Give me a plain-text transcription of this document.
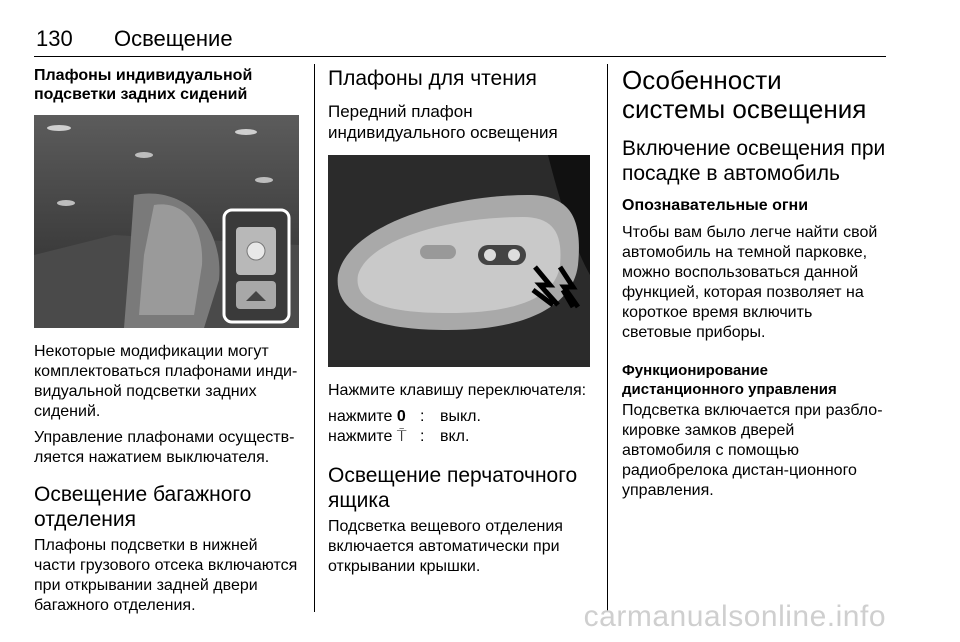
130 Освещение

Плафоны индивидуальной подсветки задних сидений

Некоторые модификации могут комплектоваться плафонами инди-видуальной подсветки задних сидений.

Управление плафонами осуществ-ляется нажатием выключателя.

Освещение багажного отделения

Плафоны подсветки в нижней части грузового отсека включаются при открывании задней двери багажного отделения.

Плафоны для чтения

Передний плафон индивидуального освещения

Нажмите клавишу переключателя:

нажмите 0 : выкл.
нажмите ⍑ : вкл.

Освещение перчаточного ящика

Подсветка вещевого отделения включается автоматически при открывании крышки.

Особенности системы освещения

Включение освещения при посадке в автомобиль

Опознавательные огни

Чтобы вам было легче найти свой автомобиль на темной парковке, можно воспользоваться данной функцией, которая позволяет на короткое время включить световые приборы.

Функционирование дистанционного управления

Подсветка включается при разбло-кировке замков дверей автомобиля с помощью радиобрелока дистан-ционного управления.

carmanualsonline.info
